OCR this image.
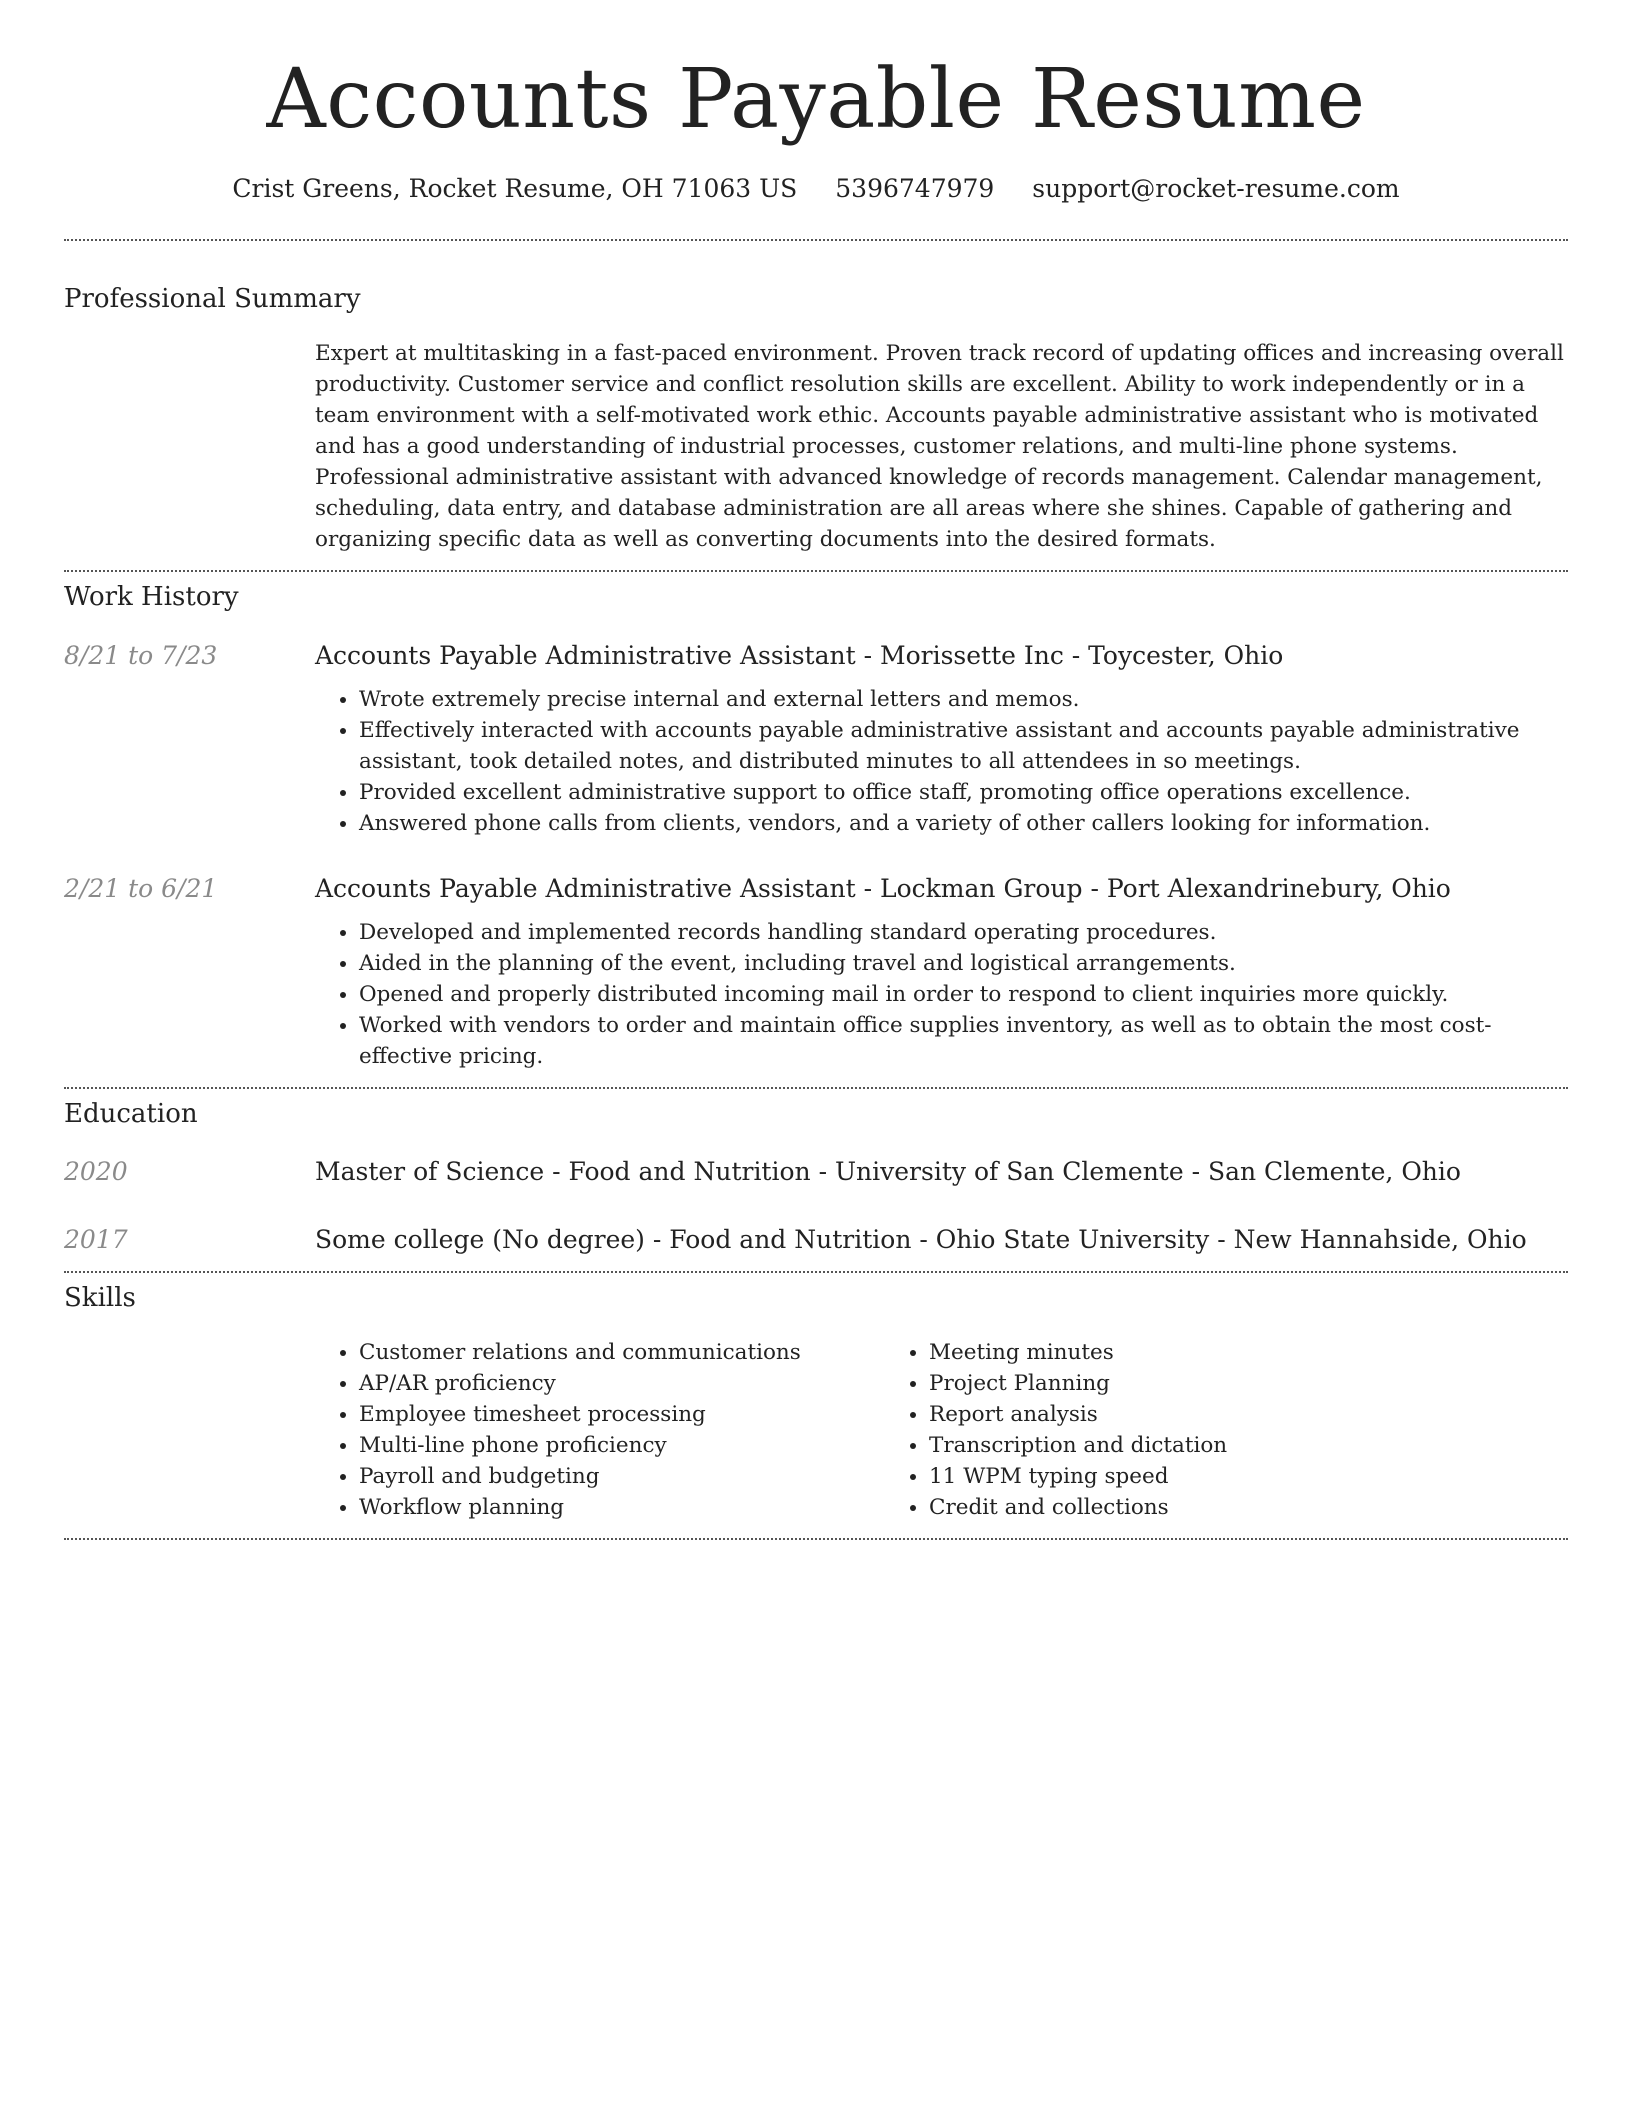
Accounts Payable Resume
Crist Greens, Rocket Resume, OH 71063 US 5396747979 support@rocket-resume.com
Professional Summary

Expert at multitasking in a fast-paced environment. Proven track record of updating offices and increasing overall productivity. Customer service and conflict resolution skills are excellent. Ability to work independently or in a team environment with a self-motivated work ethic. Accounts payable administrative assistant who is motivated and has a good understanding of industrial processes, customer relations, and multi-line phone systems. Professional administrative assistant with advanced knowledge of records management. Calendar management, scheduling, data entry, and database administration are all areas where she shines. Capable of gathering and organizing specific data as well as converting documents into the desired formats.

Work History
8/21 to 7/23	Accounts Payable Administrative Assistant - Morissette Inc - Toycester, Ohio
• Wrote extremely precise internal and external letters and memos.
• Effectively interacted with accounts payable administrative assistant and accounts payable administrative assistant, took detailed notes, and distributed minutes to all attendees in so meetings.
• Provided excellent administrative support to office staff, promoting office operations excellence.
• Answered phone calls from clients, vendors, and a variety of other callers looking for information.
2/21 to 6/21	Accounts Payable Administrative Assistant - Lockman Group - Port Alexandrinebury, Ohio
• Developed and implemented records handling standard operating procedures.
• Aided in the planning of the event, including travel and logistical arrangements.
• Opened and properly distributed incoming mail in order to respond to client inquiries more quickly.
• Worked with vendors to order and maintain office supplies inventory, as well as to obtain the most cost-effective pricing.
Education
2020	Master of Science - Food and Nutrition - University of San Clemente - San Clemente, Ohio
2017	Some college (No degree) - Food and Nutrition - Ohio State University - New Hannahside, Ohio
Skills
• Customer relations and communications
• AP/AR proficiency
• Employee timesheet processing
• Multi-line phone proficiency
• Payroll and budgeting
• Workflow planning
• Meeting minutes
• Project Planning
• Report analysis
• Transcription and dictation
• 11 WPM typing speed
• Credit and collections
